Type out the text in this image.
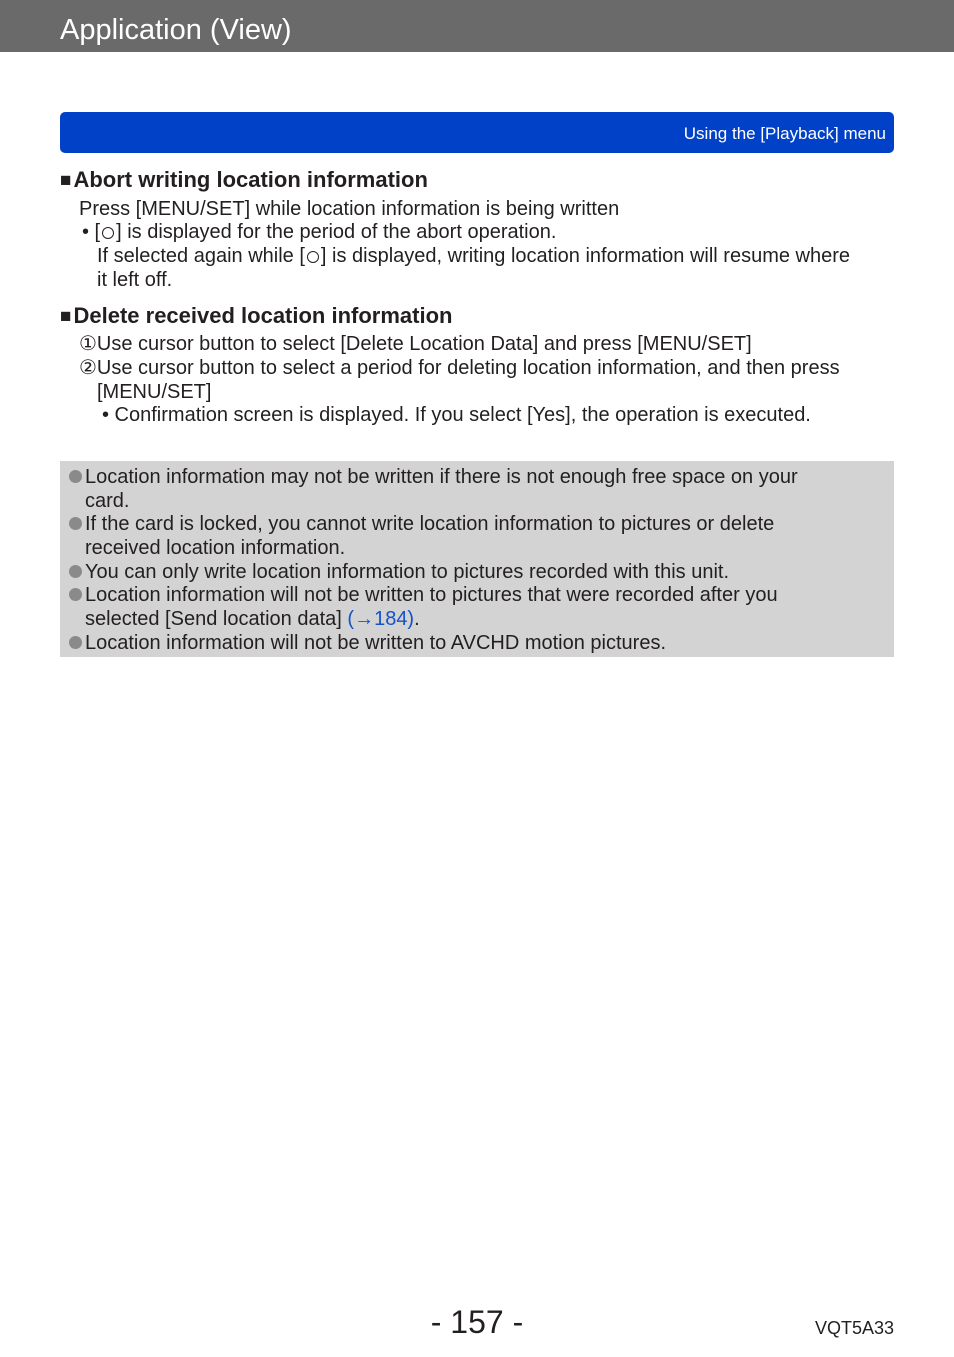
Application (View)
Using the [Playback] menu
■Abort writing location information
Press [MENU/SET] while location information is being written
• [ ] is displayed for the period of the abort operation.
If selected again while [ ] is displayed, writing location information will resume where
it left off.
■Delete received location information
①Use cursor button to select [Delete Location Data] and press [MENU/SET]
②Use cursor button to select a period for deleting location information, and then press
[MENU/SET]
• Confirmation screen is displayed. If you select [Yes], the operation is executed.
Location information may not be written if there is not enough free space on your
card.
If the card is locked, you cannot write location information to pictures or delete
received location information.
You can only write location information to pictures recorded with this unit.
Location information will not be written to pictures that were recorded after you
selected [Send location data] (→184).
Location information will not be written to AVCHD motion pictures.
- 157 -	VQT5A33
